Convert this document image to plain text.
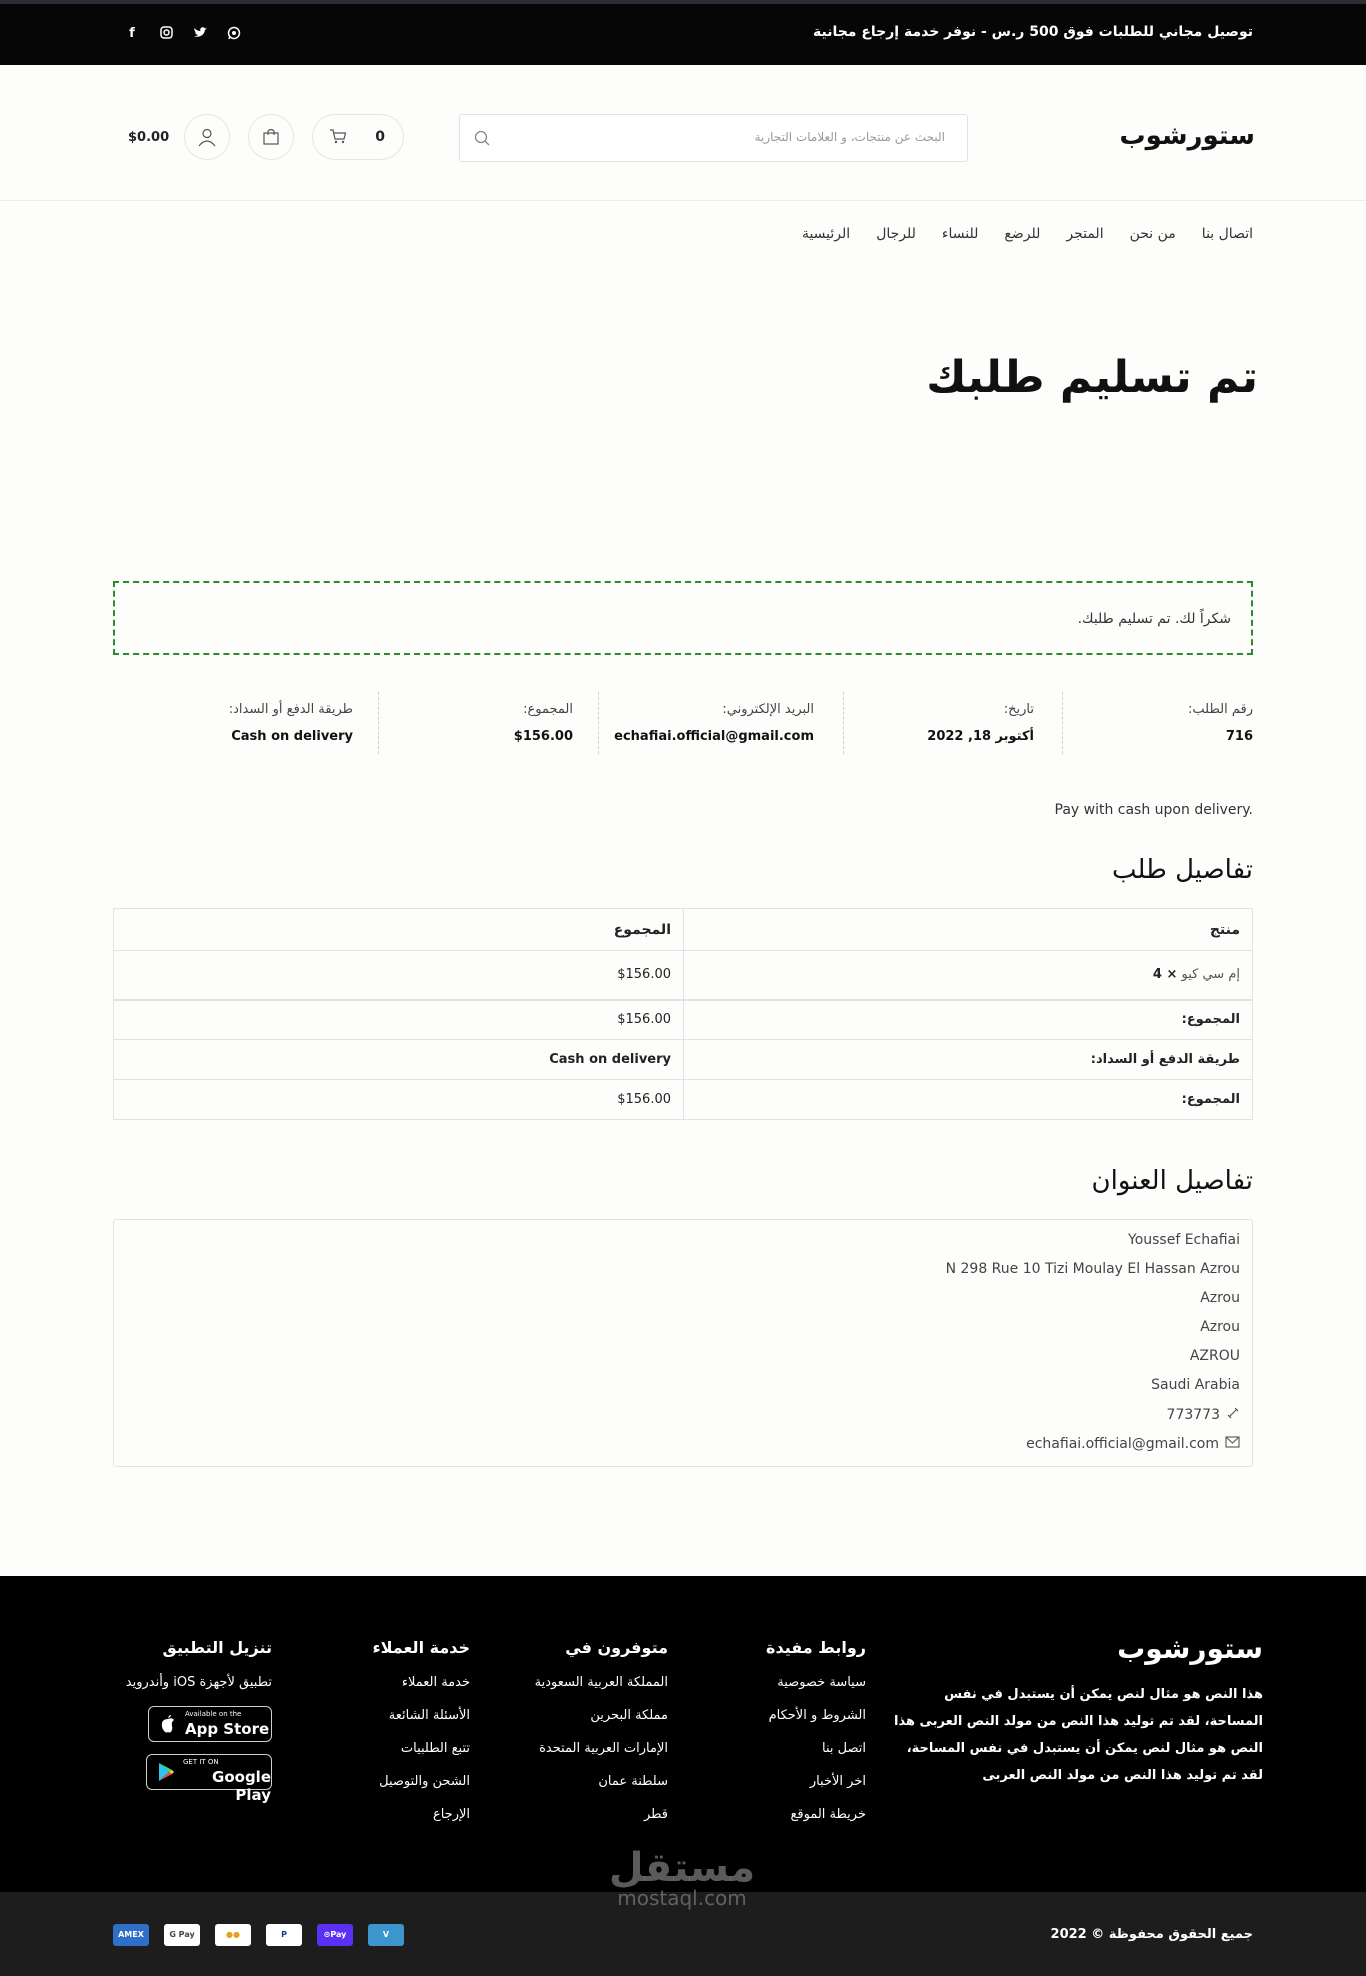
f	توصيل مجاني للطلبات فوق 500 ر.س - نوفر خدمة إرجاع مجانية
ستورشوب
البحث عن منتجات، و العلامات التجارية
0
$0.00
الرئيسية للرجال للنساء للرضع المتجر من نحن اتصال بنا
تم تسليم طلبك
شكراً لك. تم تسليم طلبك.
رقم الطلب:
716
تاريخ:
أكتوبر 18, 2022
البريد الإلكتروني:
echafiai.official@gmail.com
المجموع:
$156.00
طريقة الدفع أو السداد:
Cash on delivery
Pay with cash upon delivery.
تفاصيل طلب
منتج	المجموع
إم سي كيو × 4	$156.00
المجموع:	$156.00
طريقة الدفع أو السداد:	Cash on delivery
المجموع:	$156.00
تفاصيل العنوان
Youssef Echafiai
N 298 Rue 10 Tizi Moulay El Hassan Azrou
Azrou
Azrou
AZROU
Saudi Arabia
773773
echafiai.official@gmail.com
ستورشوب
هذا النص هو مثال لنص يمكن أن يستبدل في نفس المساحة، لقد تم توليد هذا النص من مولد النص العربى هذا النص هو مثال لنص يمكن أن يستبدل في نفس المساحة، لقد تم توليد هذا النص من مولد النص العربى
روابط مفيدة
سياسة خصوصية
الشروط و الأحكام
اتصل بنا
اخر الأخبار
خريطة الموقع
متوفرون في
المملكة العربية السعودية
مملكة البحرين
الإمارات العربية المتحدة
سلطنة عمان
قطر
خدمة العملاء
خدمة العملاء
الأسئلة الشائعة
تتبع الطلبيات
الشحن والتوصيل
الإرجاع
تنزيل التطبيق
تطبيق لأجهزة iOS وأندرويد
Available on the
App Store
GET IT ON
Google Play
جميع الحقوق محفوظة © 2022
AMEX	G Pay	●●	P	⊙Pay	V
مستقل
mostaql.com
